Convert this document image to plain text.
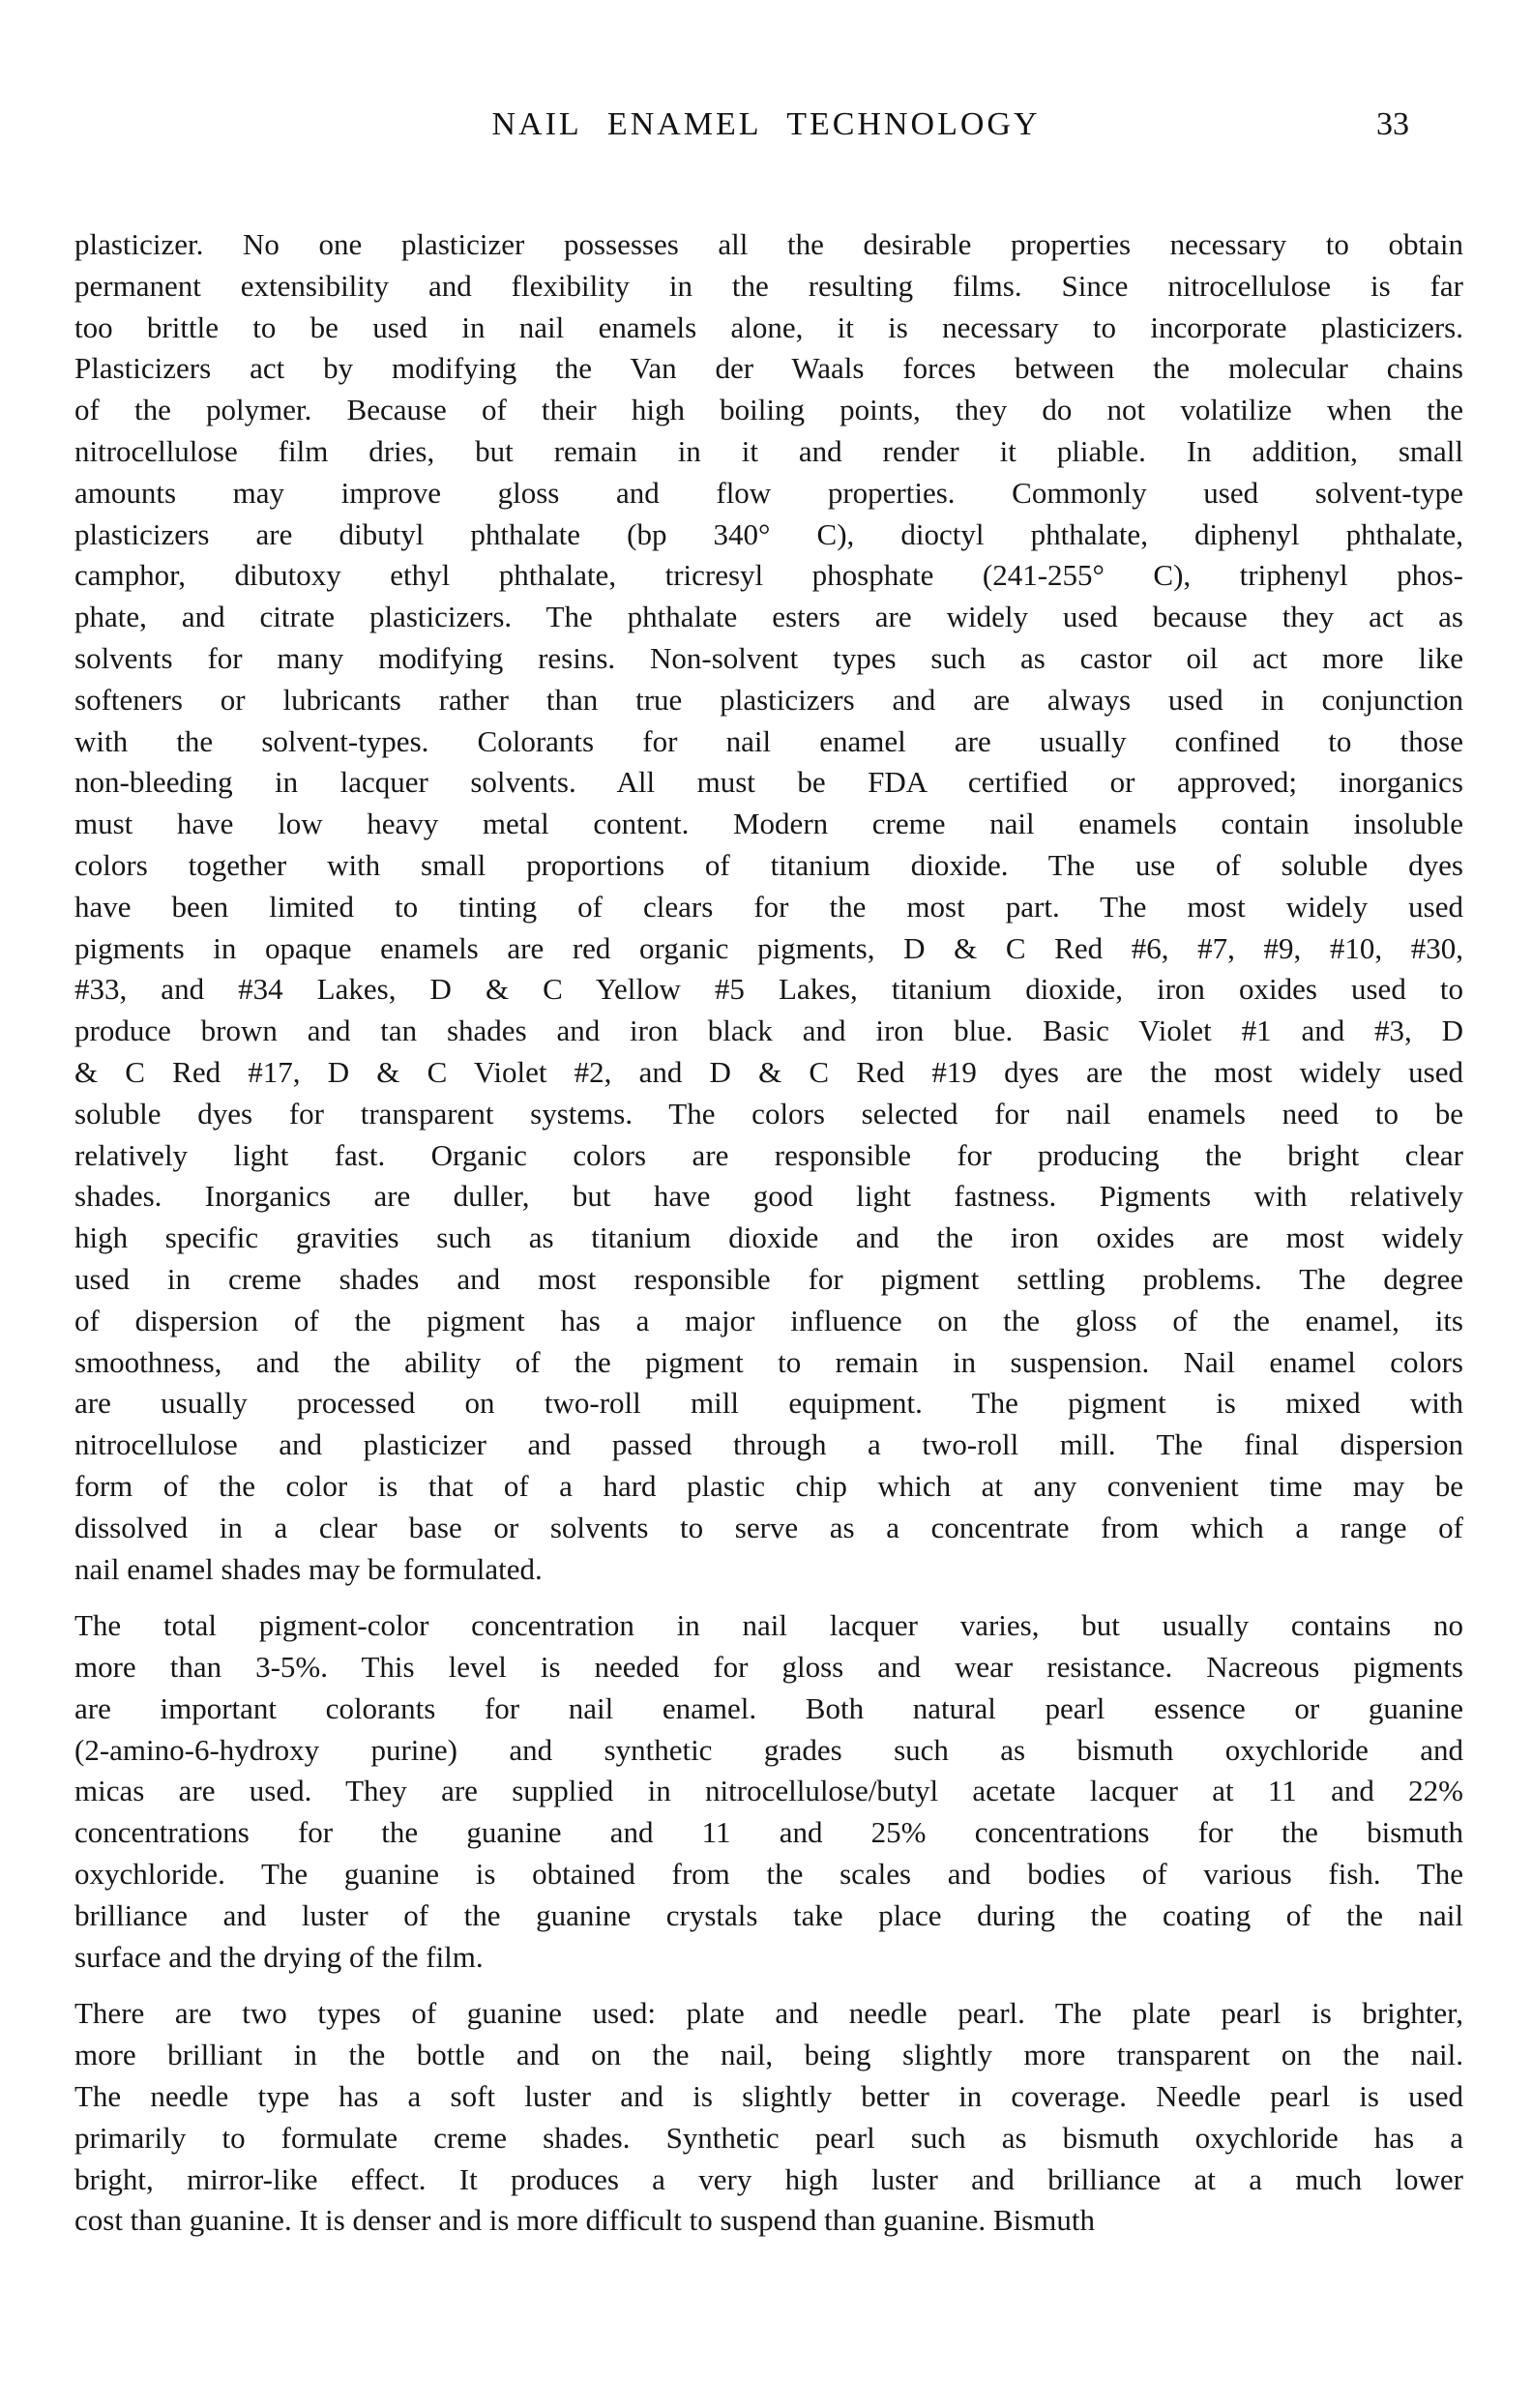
NAIL ENAMEL TECHNOLOGY	33
plasticizer. No one plasticizer possesses all the desirable properties necessary to obtain
permanent extensibility and flexibility in the resulting films. Since nitrocellulose is far
too brittle to be used in nail enamels alone, it is necessary to incorporate plasticizers.
Plasticizers act by modifying the Van der Waals forces between the molecular chains
of the polymer. Because of their high boiling points, they do not volatilize when the
nitrocellulose film dries, but remain in it and render it pliable. In addition, small
amounts may improve gloss and flow properties. Commonly used solvent-type
plasticizers are dibutyl phthalate (bp 340° C), dioctyl phthalate, diphenyl phthalate,
camphor, dibutoxy ethyl phthalate, tricresyl phosphate (241-255° C), triphenyl phos-
phate, and citrate plasticizers. The phthalate esters are widely used because they act as
solvents for many modifying resins. Non-solvent types such as castor oil act more like
softeners or lubricants rather than true plasticizers and are always used in conjunction
with the solvent-types. Colorants for nail enamel are usually confined to those
non-bleeding in lacquer solvents. All must be FDA certified or approved; inorganics
must have low heavy metal content. Modern creme nail enamels contain insoluble
colors together with small proportions of titanium dioxide. The use of soluble dyes
have been limited to tinting of clears for the most part. The most widely used
pigments in opaque enamels are red organic pigments, D & C Red #6, #7, #9, #10, #30,
#33, and #34 Lakes, D & C Yellow #5 Lakes, titanium dioxide, iron oxides used to
produce brown and tan shades and iron black and iron blue. Basic Violet #1 and #3, D
& C Red #17, D & C Violet #2, and D & C Red #19 dyes are the most widely used
soluble dyes for transparent systems. The colors selected for nail enamels need to be
relatively light fast. Organic colors are responsible for producing the bright clear
shades. Inorganics are duller, but have good light fastness. Pigments with relatively
high specific gravities such as titanium dioxide and the iron oxides are most widely
used in creme shades and most responsible for pigment settling problems. The degree
of dispersion of the pigment has a major influence on the gloss of the enamel, its
smoothness, and the ability of the pigment to remain in suspension. Nail enamel colors
are usually processed on two-roll mill equipment. The pigment is mixed with
nitrocellulose and plasticizer and passed through a two-roll mill. The final dispersion
form of the color is that of a hard plastic chip which at any convenient time may be
dissolved in a clear base or solvents to serve as a concentrate from which a range of
nail enamel shades may be formulated.
The total pigment-color concentration in nail lacquer varies, but usually contains no
more than 3-5%. This level is needed for gloss and wear resistance. Nacreous pigments
are important colorants for nail enamel. Both natural pearl essence or guanine
(2-amino-6-hydroxy purine) and synthetic grades such as bismuth oxychloride and
micas are used. They are supplied in nitrocellulose/butyl acetate lacquer at 11 and 22%
concentrations for the guanine and 11 and 25% concentrations for the bismuth
oxychloride. The guanine is obtained from the scales and bodies of various fish. The
brilliance and luster of the guanine crystals take place during the coating of the nail
surface and the drying of the film.
There are two types of guanine used: plate and needle pearl. The plate pearl is brighter,
more brilliant in the bottle and on the nail, being slightly more transparent on the nail.
The needle type has a soft luster and is slightly better in coverage. Needle pearl is used
primarily to formulate creme shades. Synthetic pearl such as bismuth oxychloride has a
bright, mirror-like effect. It produces a very high luster and brilliance at a much lower
cost than guanine. It is denser and is more difficult to suspend than guanine. Bismuth
